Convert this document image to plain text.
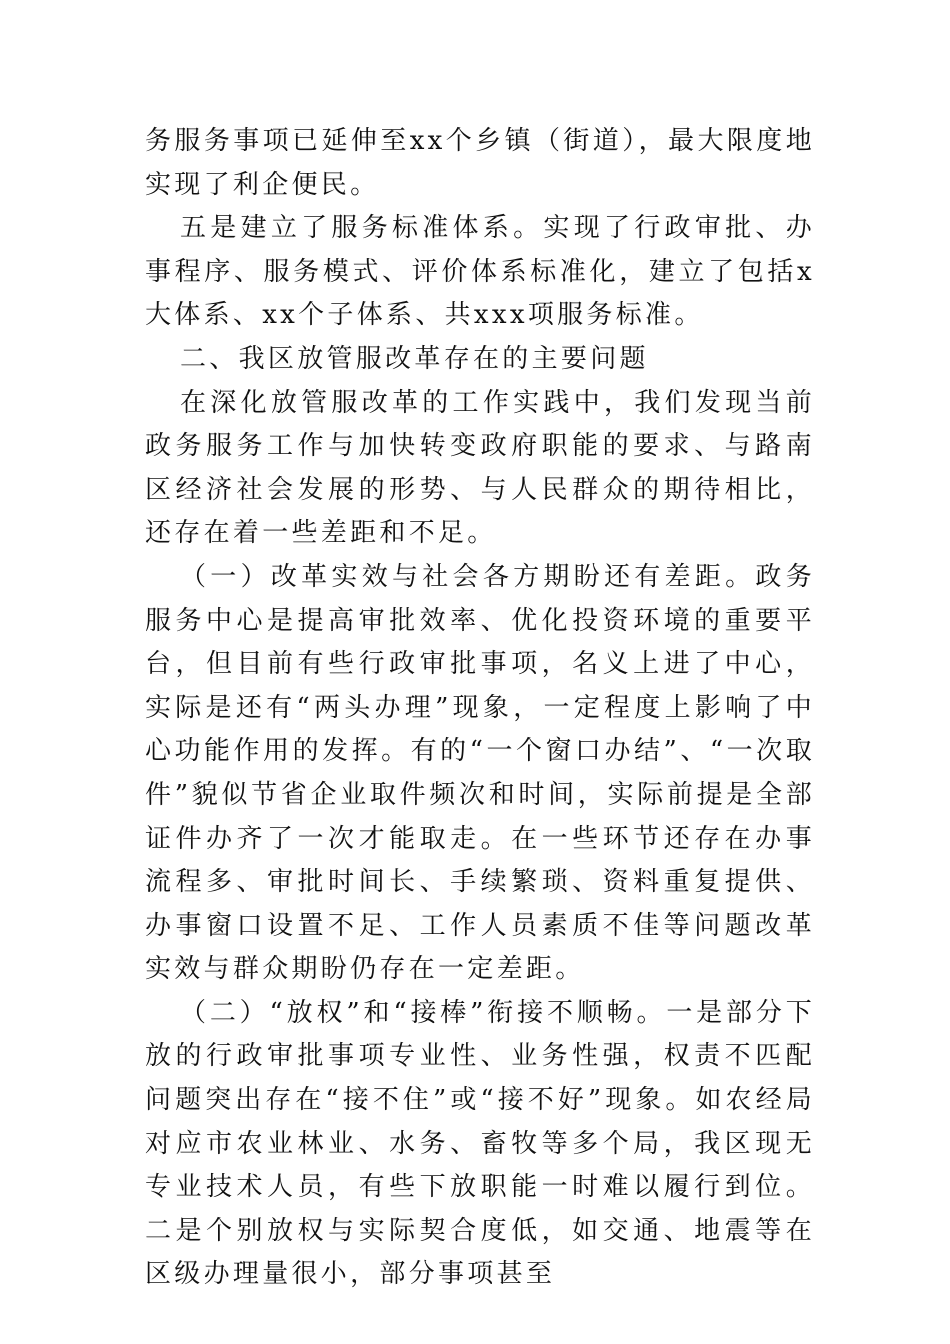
务服务事项已延伸至xx个乡镇（街道），最大限度地实现了利企便民。

五是建立了服务标准体系。实现了行政审批、办事程序、服务模式、评价体系标准化，建立了包括x大体系、xx个子体系、共xxx项服务标准。

二、我区放管服改革存在的主要问题

在深化放管服改革的工作实践中，我们发现当前政务服务工作与加快转变政府职能的要求、与路南区经济社会发展的形势、与人民群众的期待相比，还存在着一些差距和不足。

（一）改革实效与社会各方期盼还有差距。政务服务中心是提高审批效率、优化投资环境的重要平台，但目前有些行政审批事项，名义上进了中心，实际是还有“两头办理”现象，一定程度上影响了中心功能作用的发挥。有的“一个窗口办结”、“一次取件”貌似节省企业取件频次和时间，实际前提是全部证件办齐了一次才能取走。在一些环节还存在办事流程多、审批时间长、手续繁琐、资料重复提供、办事窗口设置不足、工作人员素质不佳等问题改革实效与群众期盼仍存在一定差距。

（二）“放权”和“接棒”衔接不顺畅。一是部分下放的行政审批事项专业性、业务性强，权责不匹配问题突出存在“接不住”或“接不好”现象。如农经局对应市农业林业、水务、畜牧等多个局，我区现无专业技术人员，有些下放职能一时难以履行到位。二是个别放权与实际契合度低，如交通、地震等在区级办理量很小，部分事项甚至
